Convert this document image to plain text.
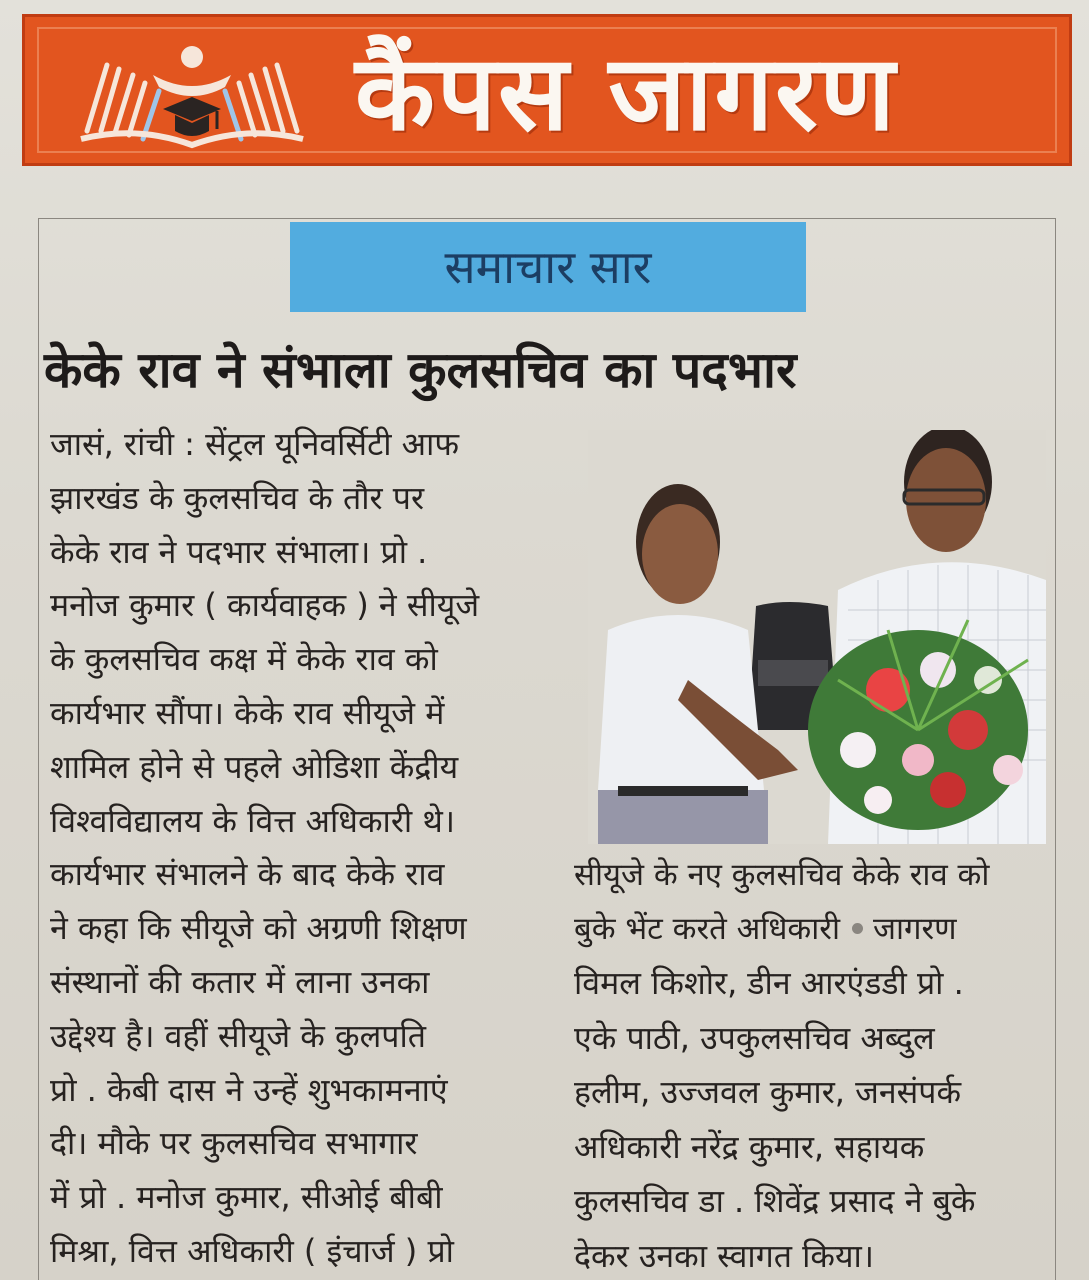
कैंपस जागरण
समाचार सार
केके राव ने संभाला कुलसचिव का पदभार
जासं, रांची : सेंट्रल यूनिवर्सिटी आफ
झारखंड के कुलसचिव के तौर पर
केके राव ने पदभार संभाला। प्रो .
मनोज कुमार ( कार्यवाहक ) ने सीयूजे
के कुलसचिव कक्ष में केके राव को
कार्यभार सौंपा। केके राव सीयूजे में
शामिल होने से पहले ओडिशा केंद्रीय
विश्वविद्यालय के वित्त अधिकारी थे।
कार्यभार संभालने के बाद केके राव
ने कहा कि सीयूजे को अग्रणी शिक्षण
संस्थानों की कतार में लाना उनका
उद्देश्य है। वहीं सीयूजे के कुलपति
प्रो . केबी दास ने उन्हें शुभकामनाएं
दी। मौके पर कुलसचिव सभागार
में प्रो . मनोज कुमार, सीओई बीबी
मिश्रा, वित्त अधिकारी ( इंचार्ज ) प्रो
सीयूजे के नए कुलसचिव केके राव को
बुके भेंट करते अधिकारी जागरण
विमल किशोर, डीन आरएंडडी प्रो .
एके पाठी, उपकुलसचिव अब्दुल
हलीम, उज्जवल कुमार, जनसंपर्क
अधिकारी नरेंद्र कुमार, सहायक
कुलसचिव डा . शिवेंद्र प्रसाद ने बुके
देकर उनका स्वागत किया।
